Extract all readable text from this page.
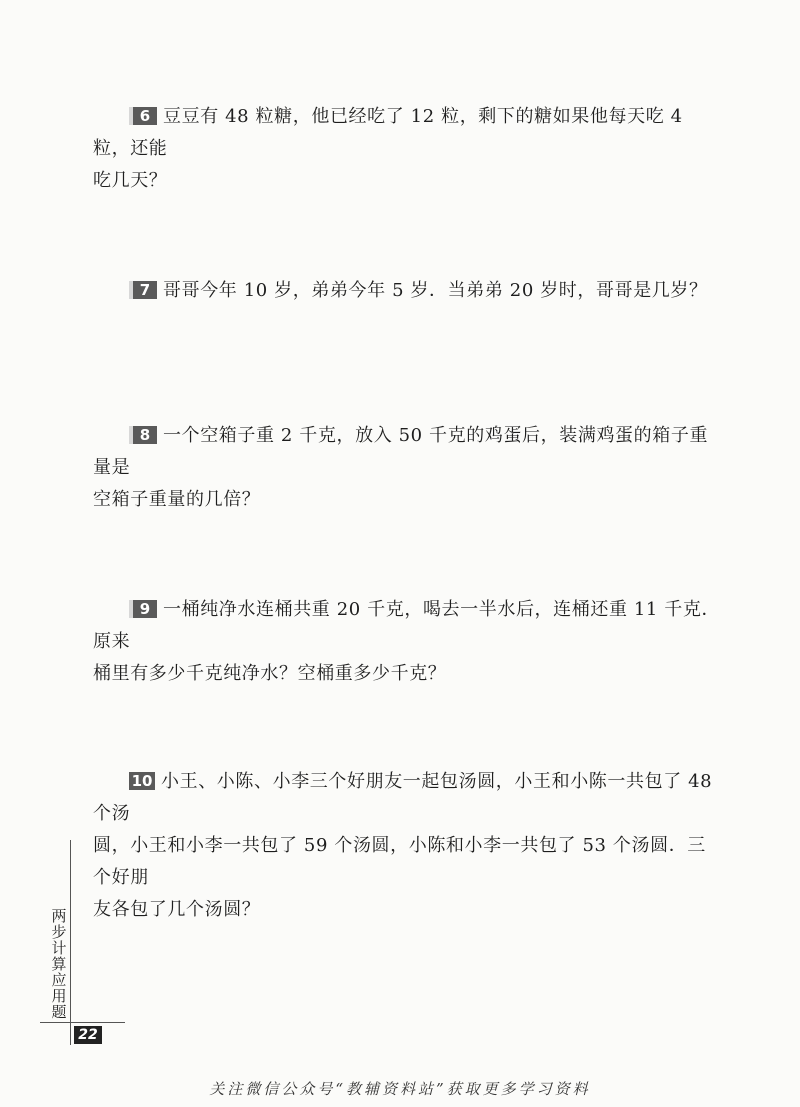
6 豆豆有 48 粒糖，他已经吃了 12 粒，剩下的糖如果他每天吃 4 粒，还能
吃几天？
7 哥哥今年 10 岁，弟弟今年 5 岁．当弟弟 20 岁时，哥哥是几岁？
8 一个空箱子重 2 千克，放入 50 千克的鸡蛋后，装满鸡蛋的箱子重量是
空箱子重量的几倍？
9 一桶纯净水连桶共重 20 千克，喝去一半水后，连桶还重 11 千克．原来
桶里有多少千克纯净水？空桶重多少千克？
10 小王、小陈、小李三个好朋友一起包汤圆，小王和小陈一共包了 48 个汤
圆，小王和小李一共包了 59 个汤圆，小陈和小李一共包了 53 个汤圆．三个好朋
友各包了几个汤圆？
两步计算应用题
22
关注微信公众号“教辅资料站”获取更多学习资料
